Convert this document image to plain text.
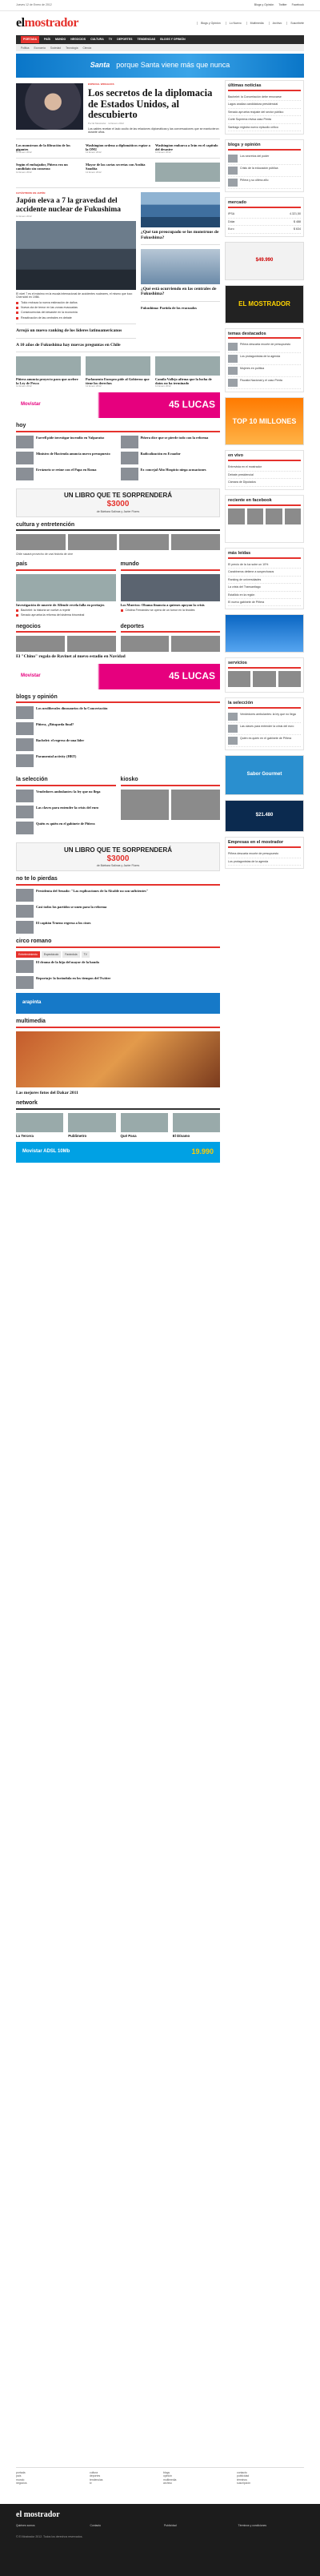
Jueves 12 de Enero de 2012	Blogs y Opinión Twitter Facebook
elmostrador	Blogs y Opinión	Lo Nuevo	Multimedia	Archivo	Suscríbete
PORTADA	PAÍS MUNDO NEGOCIOS CULTURA TV DEPORTES TENDENCIAS BLOGS Y OPINIÓN
Política Economía Sociedad Tecnología Ciencia
Santa porque Santa viene más que nunca
ESPECIAL WIKILEAKS
Los secretos de la diplomacia de Estados Unidos, al descubierto
Por El Mostrador · 12 Enero 2012
Los cables revelan el lado oculto de las relaciones diplomáticas y las conversaciones que se mantuvieron durante años.
Los monstruos de la filtración de los gigantes
12 Enero 2012
Washington ordena a diplomáticos espiar a la ONU
12 Enero 2012
Washington embarca a Irán en el capítulo del desastre
12 Enero 2012
Según el embajador, Piñera era un candidato sin consenso
12 Enero 2012
Mayor de las cartas secretas con Arabia Saudita
12 Enero 2012
CATÁSTROFE EN JAPÓN
Japón eleva a 7 la gravedad del accidente nuclear de Fukushima
12 Enero 2012
El nivel 7 es el máximo en la escala internacional de accidentes nucleares, el mismo que tuvo Chernóbil en 1986.
Tokio rechaza la nueva estimación de daños
Nueva ola de temor en las zonas evacuadas
Consecuencias del desastre en la economía
Reactivación de las centrales en debate
Arrojó un nuevo ranking de los líderes latinoamericanos
A 10 años de Fukushima hay nuevas preguntas en Chile
¿Qué tan preocupado se los monstruos de Fukushima?
¿Qué está ocurriendo en las centrales de Fukushima?
Fukushima: Partida de los evacuados
Piñera anuncia proyecto para que acelere la Ley de Pesca
12 Enero 2012
Parlamento Europeo pide al Gobierno que tiene los derechos
12 Enero 2012
Camila Vallejo afirma que la lucha de datos no ha terminado
12 Enero 2012
Movistar	45 LUCAS
hoy
Farrell pide investigar incendio en Valparaíso
Ministro de Hacienda anuncia nuevo presupuesto
Errázuriz se reúne con el Papa en Roma
Piñera dice que se pierde todo con la reforma
Radicalización en Ecuador
Ex concejal Alto Hospicio niega acusaciones
UN LIBRO QUE TE SORPRENDERÁ
$3000
de Bárbara Salinas y Javier Flores
cultura y entretención
Chile sacará provecho de una historia de cine
país
Investigación de muerte de Allende revela falla en peritajes
Bachelet: la historia se vuelve a repetir
Senado aprueba la reforma del sistema binominal
mundo
Los Muertos: Obama financia a quienes apoyan la crisis
Cristina Fernández se opera de un tumor en la tiroides
negocios	deportes
El "Chino" regala de Ravinet al nuevo estadio en Navidad
Movistar	45 LUCAS
blogs y opinión
Los neoliberales dinosaurios de la Concertación
Piñera, ¿Búsqueda final?
Bachelet: el regreso de una líder
Paramental activity (HRT)
la selección
Vendedores ambulantes: la ley que no llega
Las claves para entender la crisis del euro
Quién es quién en el gabinete de Piñera
kiosko
UN LIBRO QUE TE SORPRENDERÁ
$3000
de Bárbara Salinas y Javier Flores
no te lo pierdas
Presidenta del Senado: "Las explicaciones de la Alcalde no son suficientes"
Casi todos los partidos se unen para la reforma
El capitán Trueno regresa a los cines
circo romano
Entretenimiento	Espectáculo	Farándula	TV
El drama de la hija del mayor de la banda
Reportaje: la farándula en los tiempos del Twitter
arapinta
multimedia
Las mejores fotos del Dakar 2011
network
La Tercera	Publimetro	Qué Pasa	El Dínamo
Movistar ADSL 10Mb	19.990
últimas noticias
Bachelet: la Concertación debe renovarse
Lagos analiza candidatura presidencial
Senado aprueba reajuste del sector público
Corte Suprema revisa caso Penta
Santiago registra nuevo episodio crítico
blogs y opinión
Los secretos del poder
Crisis de la educación pública
Piñera y su último año
mercado
IPSA	4.321,50
Dólar	$ 488
Euro	$ 634
$49.990
EL MOSTRADOR
temas destacados
Piñera descarta recorte de presupuesto
Los protagonistas de la agenda
Mujeres en política
Fiscalía Nacional y el caso Penta
TOP 10 MILLONES
en vivo
Entrevista en el mostrador
Debate presidencial
Cámara de Diputados
reciente en facebook
más leídas
El precio de la luz sube un 10%
Carabineros detiene a sospechosos
Ranking de universidades
La crisis del Transantiago
Estallido en la región
El nuevo gabinete de Piñera
servicios
la selección
Vendedores ambulantes: la ley que no llega
Las claves para entender la crisis del euro
Quién es quién en el gabinete de Piñera
Sabor Gourmet
$21.480
Empresas en el mostrador
Piñera descarta recorte de presupuesto
Los protagonistas de la agenda
portada
país
mundo
negocios
cultura
deportes
tendencias
tv
blogs
opinión
multimedia
archivo
contacto
publicidad
términos
suscripción
el mostrador
Quiénes somos	Contacto	Publicidad	Términos y condiciones
© El Mostrador 2012. Todos los derechos reservados.
